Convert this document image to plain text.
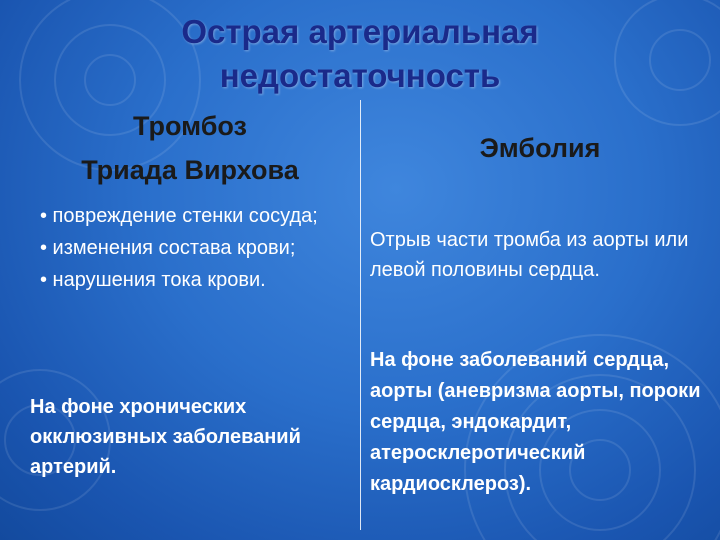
Острая артериальная
недостаточность
Тромбоз
Триада Вирхова
Эмболия
• повреждение стенки сосуда;
• изменения состава крови;
• нарушения тока крови.
Отрыв части тромба из аорты или левой половины сердца.
На фоне хронических окклюзивных заболеваний артерий.
На фоне заболеваний сердца, аорты (аневризма аорты, пороки сердца, эндокардит, атеросклеротический кардиосклероз).
